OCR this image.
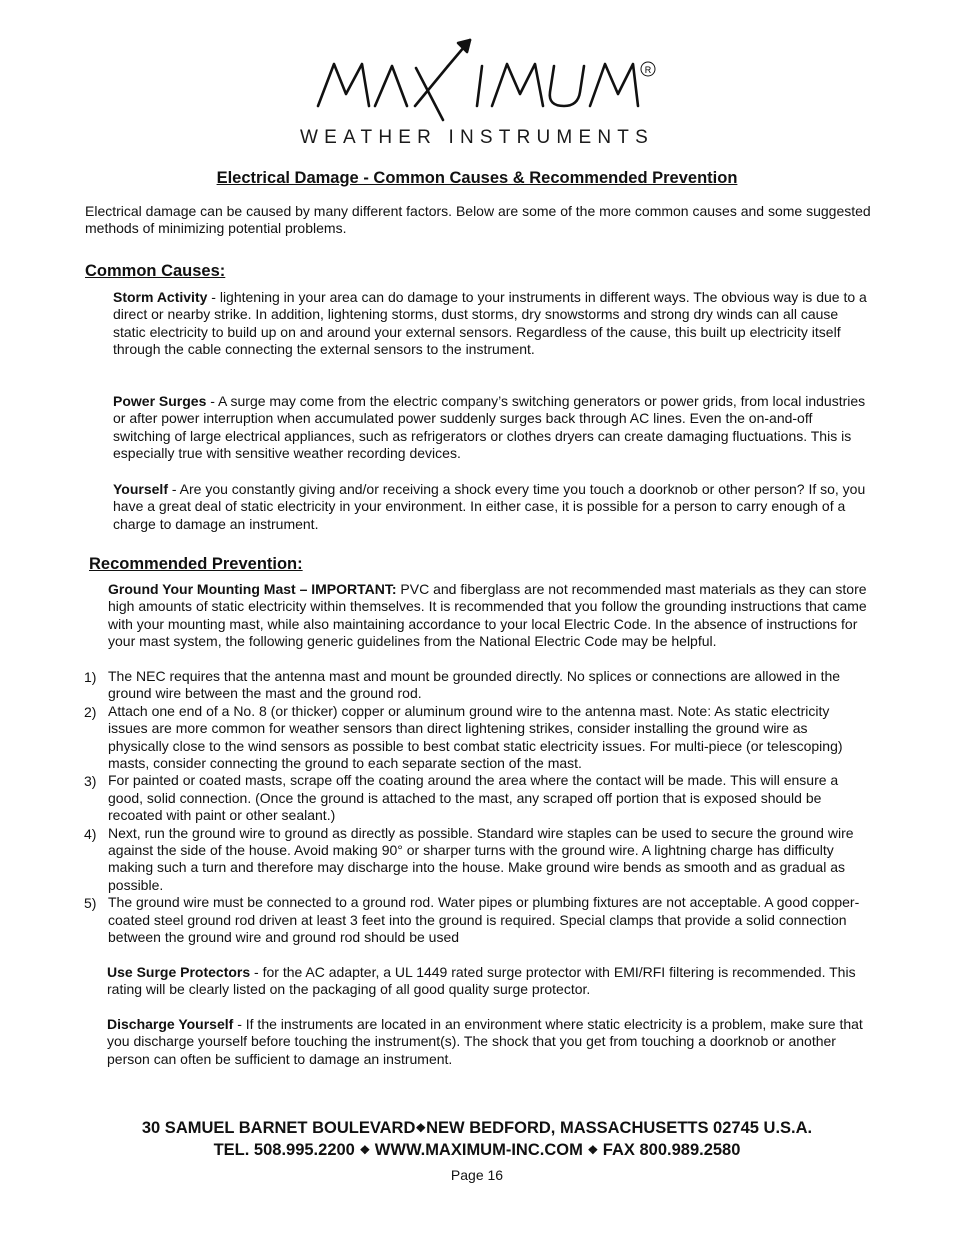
R
WEATHER INSTRUMENTS
Electrical Damage - Common Causes & Recommended Prevention
Electrical damage can be caused by many different factors. Below are some of the more common causes and some suggested methods of minimizing potential problems.
Common Causes:
Storm Activity - lightening in your area can do damage to your instruments in different ways. The obvious way is due to a direct or nearby strike. In addition, lightening storms, dust storms, dry snowstorms and strong dry winds can all cause static electricity to build up on and around your external sensors. Regardless of the cause, this built up electricity itself through the cable connecting the external sensors to the instrument.
Power Surges - A surge may come from the electric company’s switching generators or power grids, from local industries or after power interruption when accumulated power suddenly surges back through AC lines. Even the on-and-off switching of large electrical appliances, such as refrigerators or clothes dryers can create damaging fluctuations. This is especially true with sensitive weather recording devices.
Yourself - Are you constantly giving and/or receiving a shock every time you touch a doorknob or other person? If so, you have a great deal of static electricity in your environment. In either case, it is possible for a person to carry enough of a charge to damage an instrument.
Recommended Prevention:
Ground Your Mounting Mast – IMPORTANT: PVC and fiberglass are not recommended mast materials as they can store high amounts of static electricity within themselves. It is recommended that you follow the grounding instructions that came with your mounting mast, while also maintaining accordance to your local Electric Code. In the absence of instructions for your mast system, the following generic guidelines from the National Electric Code may be helpful.
1) The NEC requires that the antenna mast and mount be grounded directly. No splices or connections are allowed in the ground wire between the mast and the ground rod.
2) Attach one end of a No. 8 (or thicker) copper or aluminum ground wire to the antenna mast. Note: As static electricity issues are more common for weather sensors than direct lightening strikes, consider installing the ground wire as physically close to the wind sensors as possible to best combat static electricity issues. For multi-piece (or telescoping) masts, consider connecting the ground to each separate section of the mast.
3) For painted or coated masts, scrape off the coating around the area where the contact will be made. This will ensure a good, solid connection. (Once the ground is attached to the mast, any scraped off portion that is exposed should be recoated with paint or other sealant.)
4) Next, run the ground wire to ground as directly as possible. Standard wire staples can be used to secure the ground wire against the side of the house. Avoid making 90° or sharper turns with the ground wire. A lightning charge has difficulty making such a turn and therefore may discharge into the house. Make ground wire bends as smooth and as gradual as possible.
5) The ground wire must be connected to a ground rod. Water pipes or plumbing fixtures are not acceptable. A good copper-coated steel ground rod driven at least 3 feet into the ground is required. Special clamps that provide a solid connection between the ground wire and ground rod should be used
Use Surge Protectors - for the AC adapter, a UL 1449 rated surge protector with EMI/RFI filtering is recommended. This rating will be clearly listed on the packaging of all good quality surge protector.
Discharge Yourself - If the instruments are located in an environment where static electricity is a problem, make sure that you discharge yourself before touching the instrument(s). The shock that you get from touching a doorknob or another person can often be sufficient to damage an instrument.
30 SAMUEL BARNET BOULEVARD❖NEW BEDFORD, MASSACHUSETTS 02745 U.S.A.
TEL. 508.995.2200 ❖ WWW.MAXIMUM-INC.COM ❖ FAX 800.989.2580
Page 16
